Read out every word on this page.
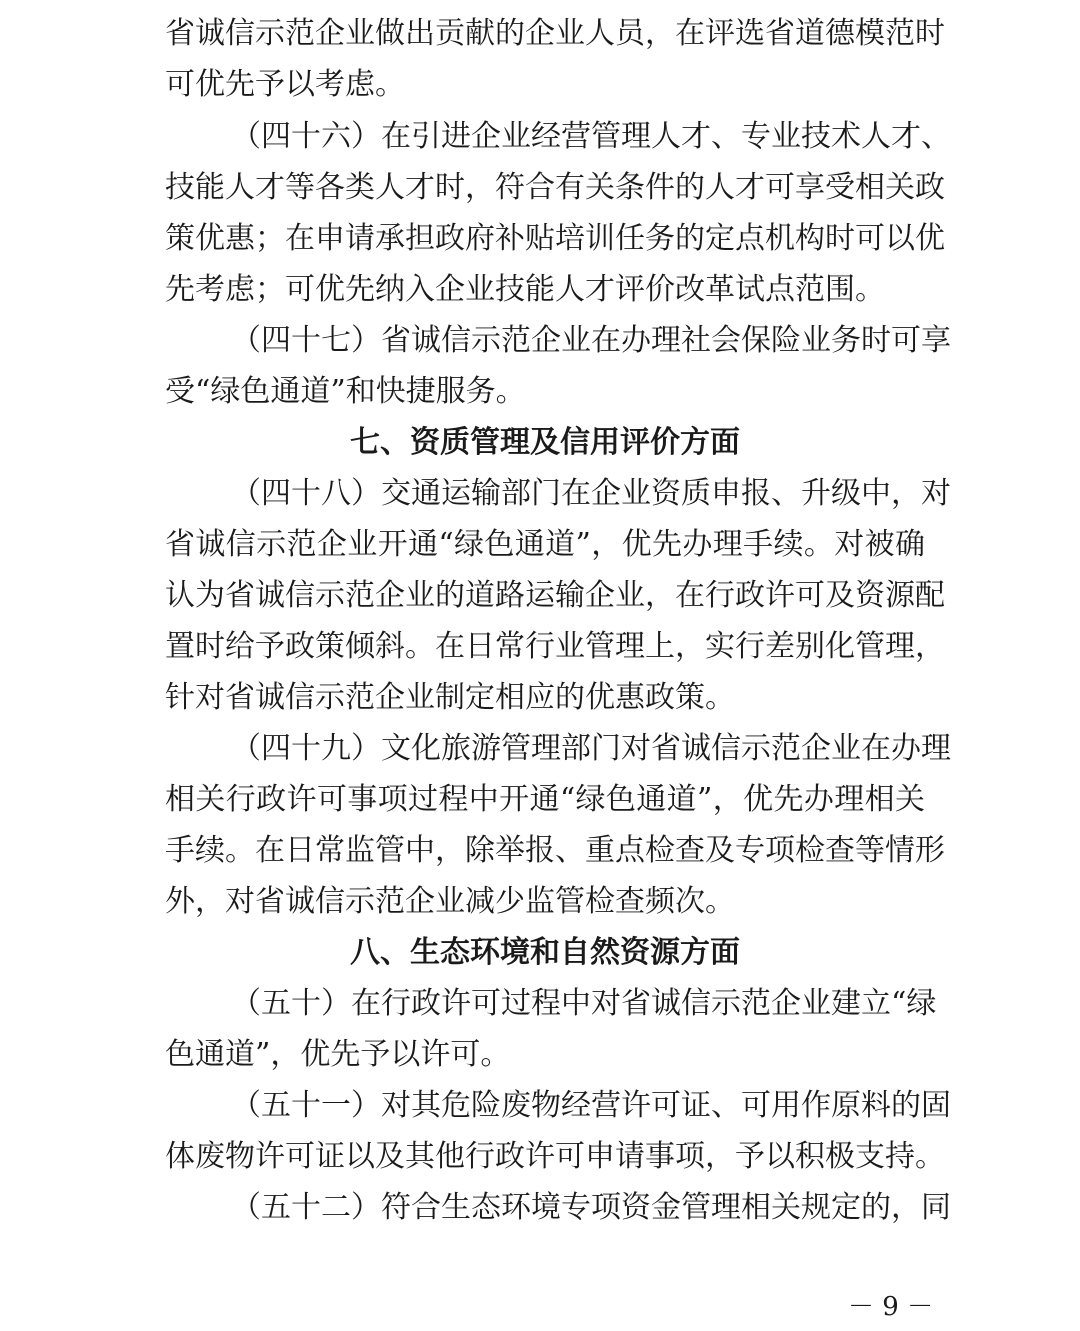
省诚信示范企业做出贡献的企业人员，在评选省道德模范时
可优先予以考虑。
（四十六）在引进企业经营管理人才、专业技术人才、
技能人才等各类人才时，符合有关条件的人才可享受相关政
策优惠；在申请承担政府补贴培训任务的定点机构时可以优
先考虑；可优先纳入企业技能人才评价改革试点范围。
（四十七）省诚信示范企业在办理社会保险业务时可享
受“绿色通道”和快捷服务。
七、资质管理及信用评价方面
（四十八）交通运输部门在企业资质申报、升级中，对
省诚信示范企业开通“绿色通道”，优先办理手续。对被确
认为省诚信示范企业的道路运输企业，在行政许可及资源配
置时给予政策倾斜。在日常行业管理上，实行差别化管理，
针对省诚信示范企业制定相应的优惠政策。
（四十九）文化旅游管理部门对省诚信示范企业在办理
相关行政许可事项过程中开通“绿色通道”，优先办理相关
手续。在日常监管中，除举报、重点检查及专项检查等情形
外，对省诚信示范企业减少监管检查频次。
八、生态环境和自然资源方面
（五十）在行政许可过程中对省诚信示范企业建立“绿
色通道”，优先予以许可。
（五十一）对其危险废物经营许可证、可用作原料的固
体废物许可证以及其他行政许可申请事项，予以积极支持。
（五十二）符合生态环境专项资金管理相关规定的，同
－ 9 －
